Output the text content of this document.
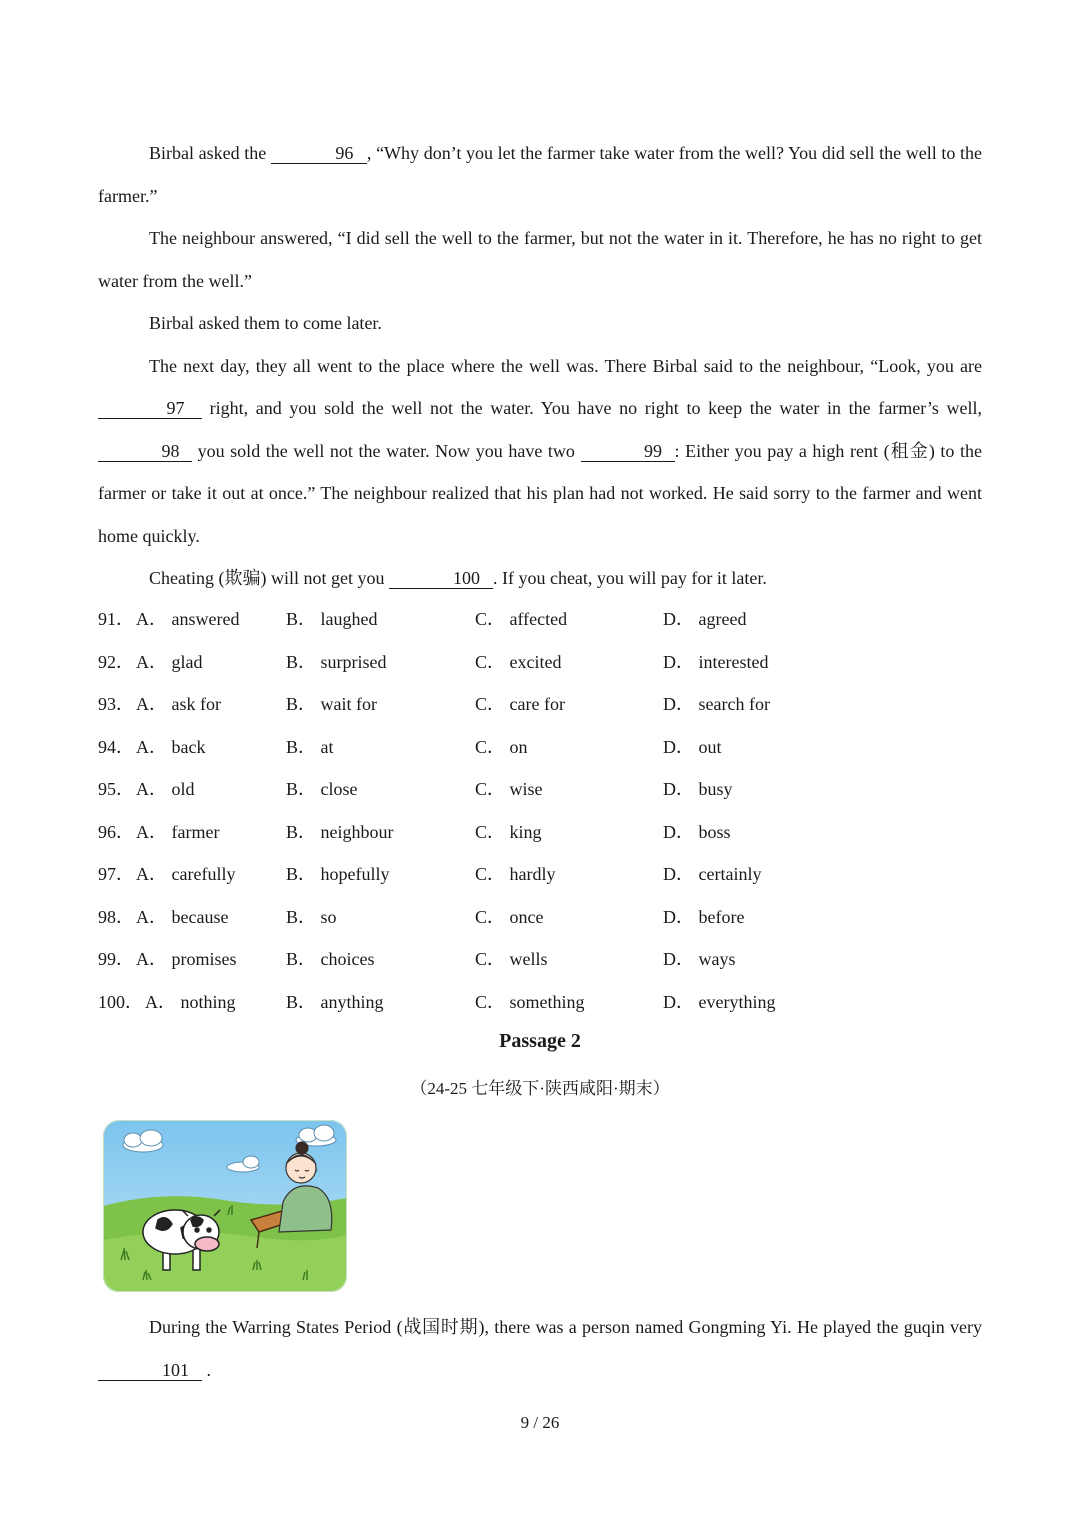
Birbal asked the	96 , “Why don’t you let the farmer take water from the well? You did sell the well to the farmer.”

The neighbour answered, “I did sell the well to the farmer, but not the water in it. Therefore, he has no right to get water from the well.”

Birbal asked them to come later.

The next day, they all went to the place where the well was. There Birbal said to the neighbour, “Look, you are 97 right, and you sold the well not the water. You have no right to keep the water in the farmer’s well, 98 you sold the well not the water. Now you have two	99 : Either you pay a high rent (租金) to the farmer or take it out at once.” The neighbour realized that his plan had not worked. He said sorry to the farmer and went home quickly.

Cheating (欺骗) will not get you	100 . If you cheat, you will pay for it later.

91． A． answered	B． laughed	C． affected	D． agreed
92． A． glad	B． surprised	C． excited	D． interested
93． A． ask for	B． wait for	C． care for	D． search for
94． A． back	B． at	C． on	D． out
95． A． old	B． close	C． wise	D． busy
96． A． farmer	B． neighbour	C． king	D． boss
97． A． carefully	B． hopefully	C． hardly	D． certainly
98． A． because	B． so	C． once	D． before
99． A． promises	B． choices	C． wells	D． ways
100． A． nothing	B． anything	C． something	D． everything
Passage 2
（24-25 七年级下·陕西咸阳·期末）

During the Warring States Period (战国时期), there was a person named Gongming Yi. He played the guqin very 101 .

9 / 26
